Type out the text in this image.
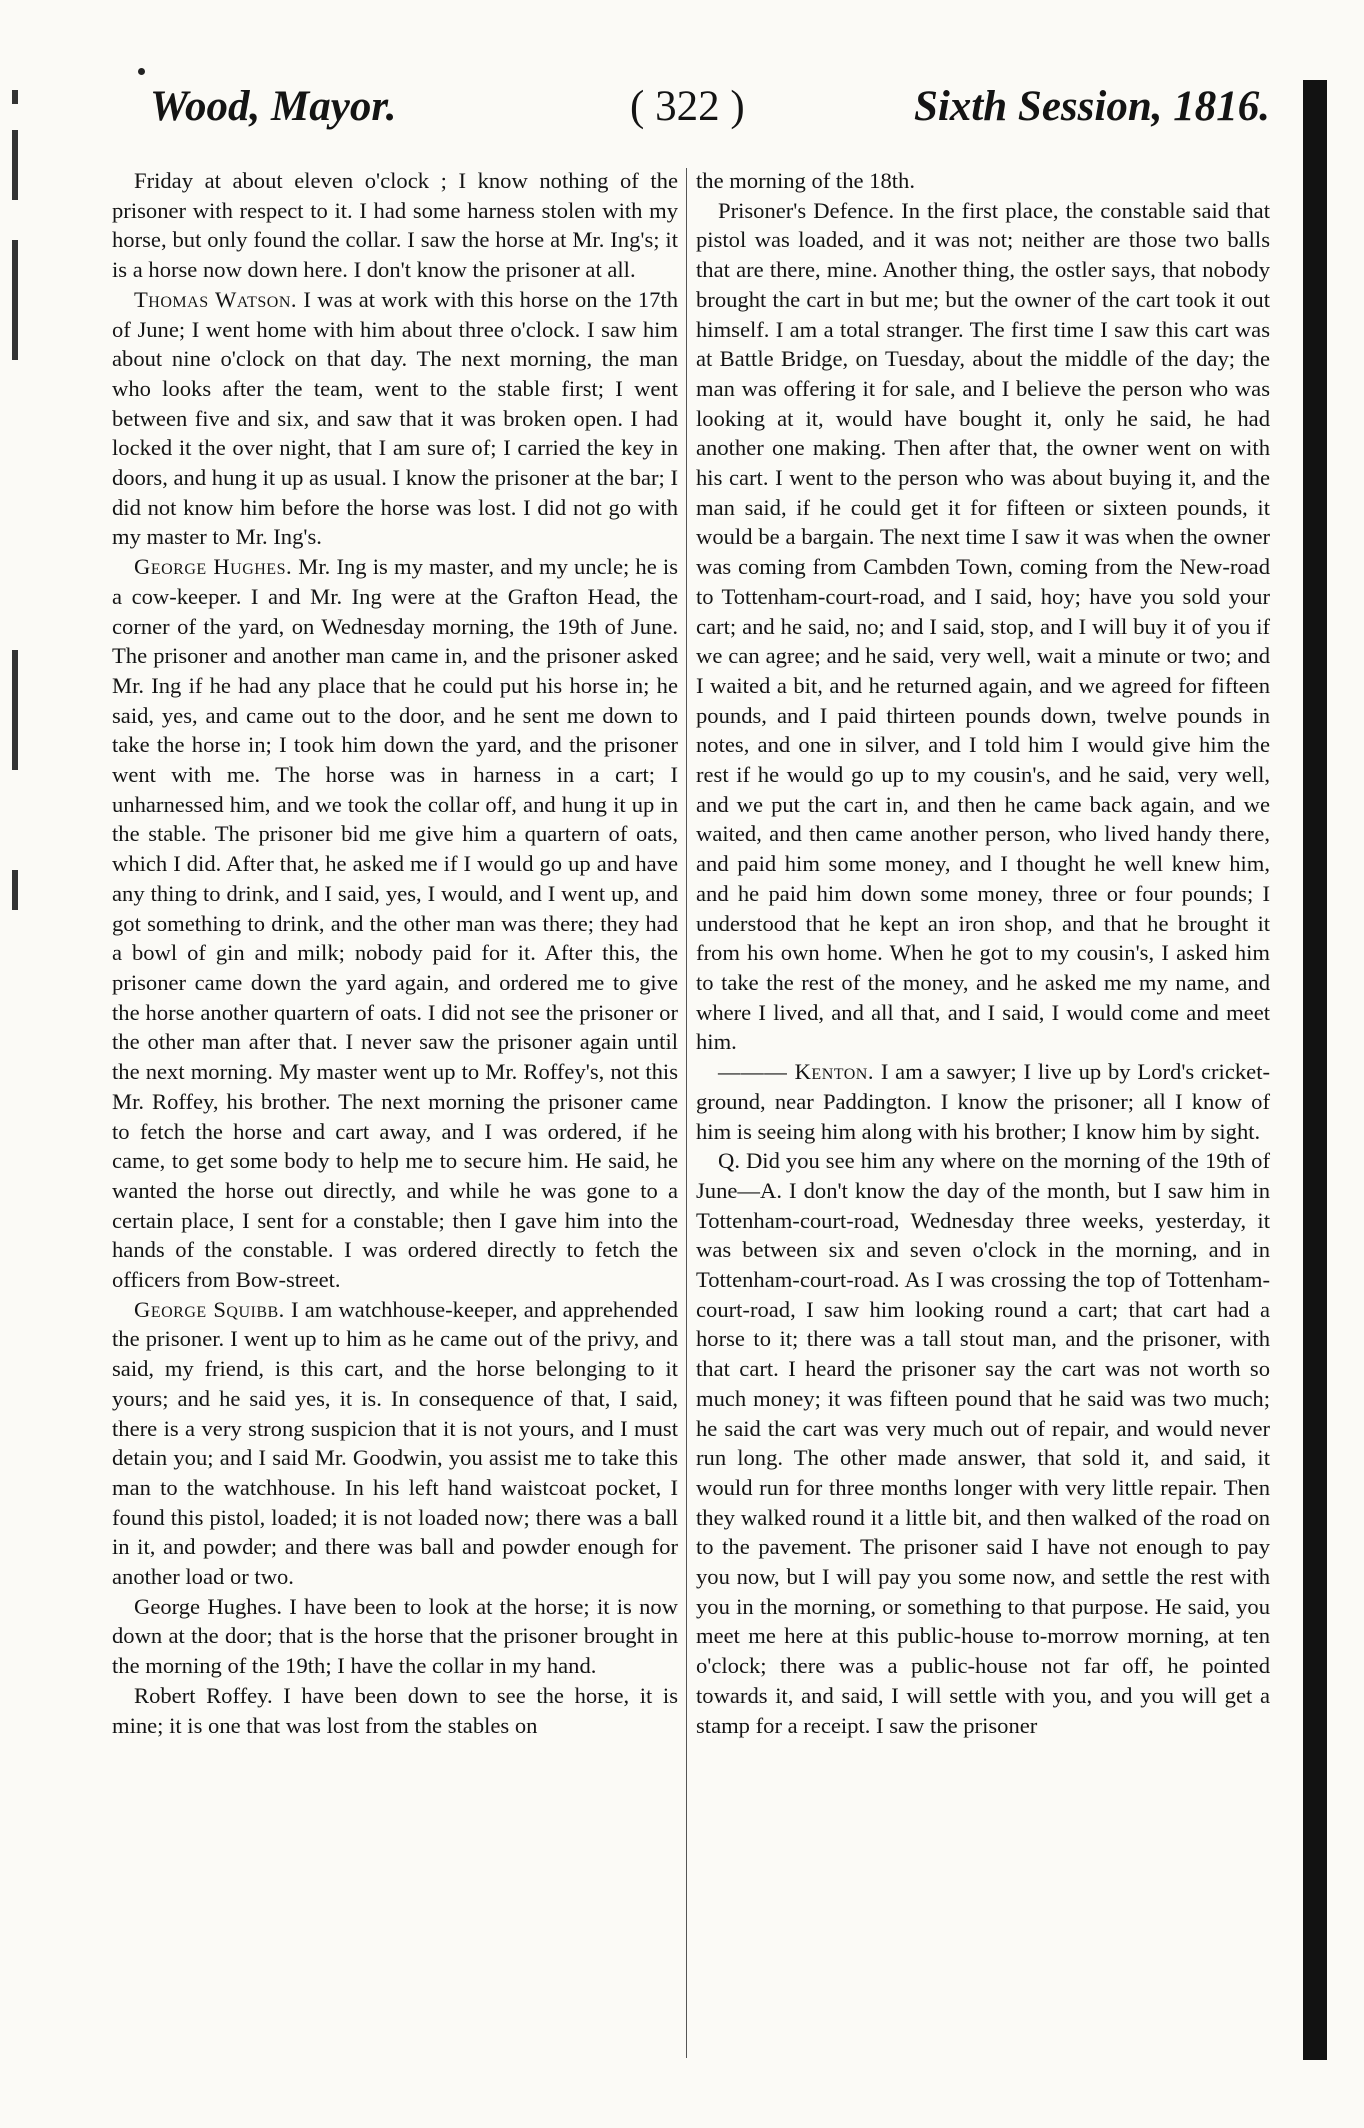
Wood, Mayor.	( 322 )	Sixth Session, 1816.

Friday at about eleven o'clock ; I know nothing of the prisoner with respect to it. I had some harness stolen with my horse, but only found the collar. I saw the horse at Mr. Ing's; it is a horse now down here. I don't know the prisoner at all.

Thomas Watson. I was at work with this horse on the 17th of June; I went home with him about three o'clock. I saw him about nine o'clock on that day. The next morning, the man who looks after the team, went to the stable first; I went between five and six, and saw that it was broken open. I had locked it the over night, that I am sure of; I carried the key in doors, and hung it up as usual. I know the prisoner at the bar; I did not know him before the horse was lost. I did not go with my master to Mr. Ing's.

George Hughes. Mr. Ing is my master, and my uncle; he is a cow-keeper. I and Mr. Ing were at the Grafton Head, the corner of the yard, on Wednesday morning, the 19th of June. The prisoner and another man came in, and the prisoner asked Mr. Ing if he had any place that he could put his horse in; he said, yes, and came out to the door, and he sent me down to take the horse in; I took him down the yard, and the prisoner went with me. The horse was in harness in a cart; I unharnessed him, and we took the collar off, and hung it up in the stable. The prisoner bid me give him a quartern of oats, which I did. After that, he asked me if I would go up and have any thing to drink, and I said, yes, I would, and I went up, and got something to drink, and the other man was there; they had a bowl of gin and milk; nobody paid for it. After this, the prisoner came down the yard again, and ordered me to give the horse another quartern of oats. I did not see the prisoner or the other man after that. I never saw the prisoner again until the next morning. My master went up to Mr. Roffey's, not this Mr. Roffey, his brother. The next morning the prisoner came to fetch the horse and cart away, and I was ordered, if he came, to get some body to help me to secure him. He said, he wanted the horse out directly, and while he was gone to a certain place, I sent for a constable; then I gave him into the hands of the constable. I was ordered directly to fetch the officers from Bow-street.

George Squibb. I am watchhouse-keeper, and apprehended the prisoner. I went up to him as he came out of the privy, and said, my friend, is this cart, and the horse belonging to it yours; and he said yes, it is. In consequence of that, I said, there is a very strong suspicion that it is not yours, and I must detain you; and I said Mr. Goodwin, you assist me to take this man to the watchhouse. In his left hand waistcoat pocket, I found this pistol, loaded; it is not loaded now; there was a ball in it, and powder; and there was ball and powder enough for another load or two.

George Hughes. I have been to look at the horse; it is now down at the door; that is the horse that the prisoner brought in the morning of the 19th; I have the collar in my hand.

Robert Roffey. I have been down to see the horse, it is mine; it is one that was lost from the stables on

the morning of the 18th.

Prisoner's Defence. In the first place, the constable said that pistol was loaded, and it was not; neither are those two balls that are there, mine. Another thing, the ostler says, that nobody brought the cart in but me; but the owner of the cart took it out himself. I am a total stranger. The first time I saw this cart was at Battle Bridge, on Tuesday, about the middle of the day; the man was offering it for sale, and I believe the person who was looking at it, would have bought it, only he said, he had another one making. Then after that, the owner went on with his cart. I went to the person who was about buying it, and the man said, if he could get it for fifteen or sixteen pounds, it would be a bargain. The next time I saw it was when the owner was coming from Cambden Town, coming from the New-road to Tottenham-court-road, and I said, hoy; have you sold your cart; and he said, no; and I said, stop, and I will buy it of you if we can agree; and he said, very well, wait a minute or two; and I waited a bit, and he returned again, and we agreed for fifteen pounds, and I paid thirteen pounds down, twelve pounds in notes, and one in silver, and I told him I would give him the rest if he would go up to my cousin's, and he said, very well, and we put the cart in, and then he came back again, and we waited, and then came another person, who lived handy there, and paid him some money, and I thought he well knew him, and he paid him down some money, three or four pounds; I understood that he kept an iron shop, and that he brought it from his own home. When he got to my cousin's, I asked him to take the rest of the money, and he asked me my name, and where I lived, and all that, and I said, I would come and meet him.

——— Kenton. I am a sawyer; I live up by Lord's cricket-ground, near Paddington. I know the prisoner; all I know of him is seeing him along with his brother; I know him by sight.

Q. Did you see him any where on the morning of the 19th of June—A. I don't know the day of the month, but I saw him in Tottenham-court-road, Wednesday three weeks, yesterday, it was between six and seven o'clock in the morning, and in Tottenham-court-road. As I was crossing the top of Tottenham-court-road, I saw him looking round a cart; that cart had a horse to it; there was a tall stout man, and the prisoner, with that cart. I heard the prisoner say the cart was not worth so much money; it was fifteen pound that he said was two much; he said the cart was very much out of repair, and would never run long. The other made answer, that sold it, and said, it would run for three months longer with very little repair. Then they walked round it a little bit, and then walked of the road on to the pavement. The prisoner said I have not enough to pay you now, but I will pay you some now, and settle the rest with you in the morning, or something to that purpose. He said, you meet me here at this public-house to-morrow morning, at ten o'clock; there was a public-house not far off, he pointed towards it, and said, I will settle with you, and you will get a stamp for a receipt. I saw the prisoner
